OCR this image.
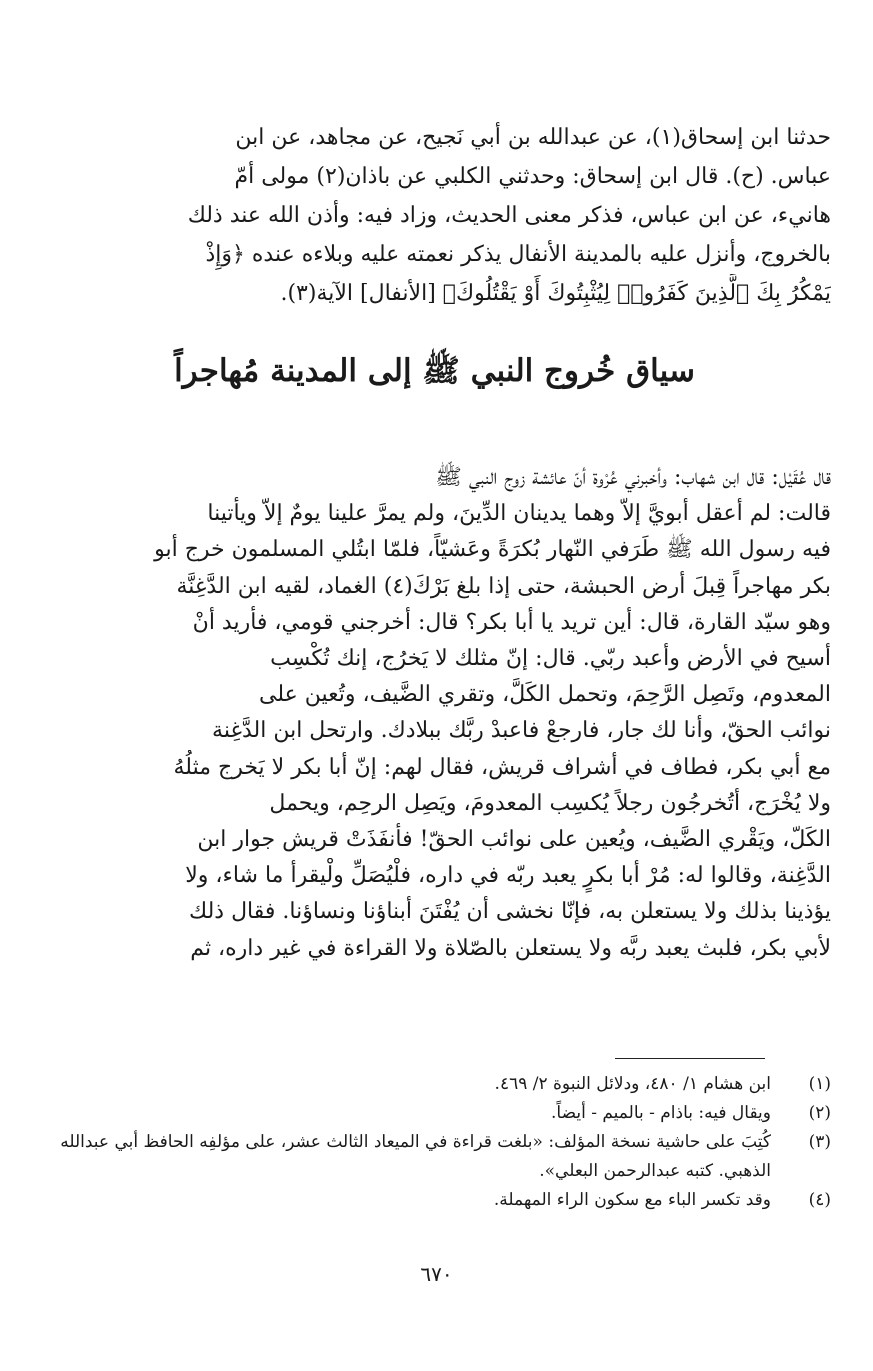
حدثنا ابن إسحاق(١)، عن عبدالله بن أبي نَجيح، عن مجاهد، عن ابن
عباس. (ح). قال ابن إسحاق: وحدثني الكلبي عن باذان(٢) مولى أمّ
هانيء، عن ابن عباس، فذكر معنى الحديث، وزاد فيه: وأذن الله عند ذلك
بالخروج، وأنزل عليه بالمدينة الأنفال يذكر نعمته عليه وبلاءه عنده ﴿وَإِذْ
يَمْكُرُ بِكَ ٱلَّذِينَ كَفَرُوا۟ لِيُثْبِتُوكَ أَوْ يَقْتُلُوكَ﴾ [الأنفال] الآية(٣).
سياق خُروج النبي ﷺ إلى المدينة مُهاجراً
قال عُقَيْل: قال ابن شهاب: وأخبرني عُرْوة أنّ عائشة زوج النبي ﷺ
قالت: لم أعقل أبويَّ إلاّ وهما يدينان الدِّينَ، ولم يمرَّ علينا يومٌ إلاّ ويأتينا
فيه رسول الله ﷺ طَرَفي النّهار بُكرَةً وعَشيّاً، فلمّا ابتُلي المسلمون خرج أبو
بكر مهاجراً قِبلَ أرض الحبشة، حتى إذا بلغ بَرْكَ(٤) الغماد، لقيه ابن الدَّغِنَّة
وهو سيّد القارة، قال: أين تريد يا أبا بكر؟ قال: أخرجني قومي، فأريد أنْ
أسيح في الأرض وأعبد ربّي. قال: إنّ مثلك لا يَخرُج، إنك تُكْسِب
المعدوم، وتَصِل الرَّحِمَ، وتحمل الكَلَّ، وتقري الضَّيف، وتُعين على
نوائب الحقّ، وأنا لك جار، فارجعْ فاعبدْ ربَّك ببلادك. وارتحل ابن الدَّغِنة
مع أبي بكر، فطاف في أشراف قريش، فقال لهم: إنّ أبا بكر لا يَخرج مثلُهُ
ولا يُخْرَج، أتُخرجُون رجلاً يُكسِب المعدومَ، ويَصِل الرحِم، ويحمل
الكَلّ، ويَقْري الضَّيف، ويُعين على نوائب الحقّ! فأنفَذَتْ قريش جوار ابن
الدَّغِنة، وقالوا له: مُرْ أبا بكرٍ يعبد ربّه في داره، فلْيُصَلِّ ولْيقرأ ما شاء، ولا
يؤذينا بذلك ولا يستعلن به، فإنّا نخشى أن يُفْتَنَ أبناؤنا ونساؤنا. فقال ذلك
لأبي بكر، فلبث يعبد ربَّه ولا يستعلن بالصّلاة ولا القراءة في غير داره، ثم
(١)
ابن هشام ١/ ٤٨٠، ودلائل النبوة ٢/ ٤٦٩.
(٢)
ويقال فيه: باذام - بالميم - أيضاً.
(٣)
كُتِبَ على حاشية نسخة المؤلف: «بلغت قراءة في الميعاد الثالث عشر، على مؤلفِه الحافظ أبي عبدالله الذهبي. كتبه عبدالرحمن البعلي».
(٤)
وقد تكسر الباء مع سكون الراء المهملة.
٦٧٠
